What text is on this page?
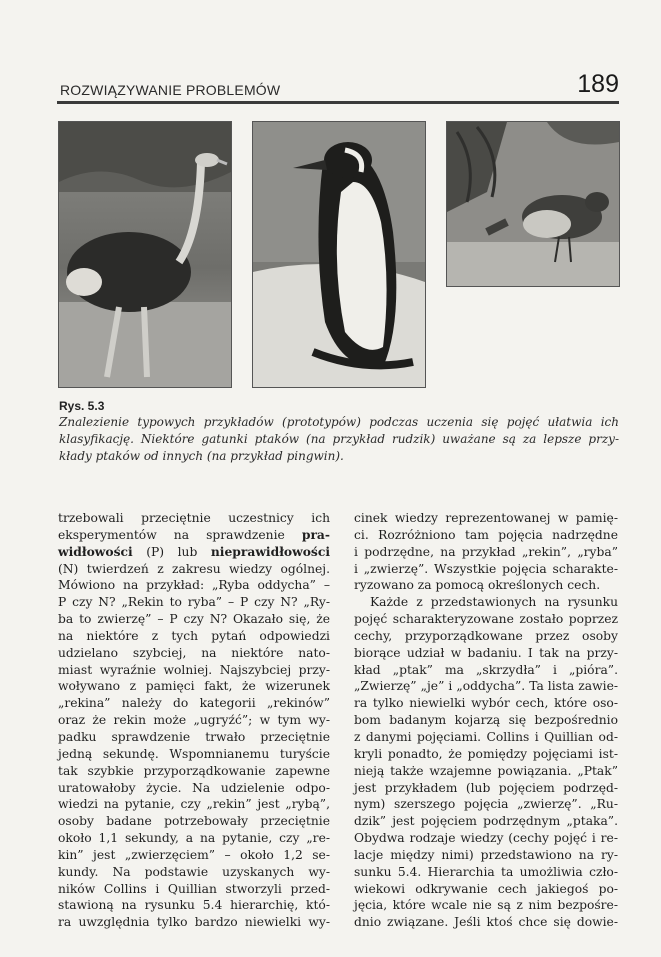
ROZWIĄZYWANIE PROBLEMÓW	189
Rys. 5.3
Znalezienie typowych przykładów (prototypów) podczas uczenia się pojęć ułatwia ich
klasyfikację. Niektóre gatunki ptaków (na przykład rudzik) uważane są za lepsze przy-
kłady ptaków od innych (na przykład pingwin).
trzebowali przeciętnie uczestnicy ich
eksperymentów na sprawdzenie pra-
widłowości (P) lub nieprawidłowości
(N) twierdzeń z zakresu wiedzy ogólnej.
Mówiono na przykład: „Ryba oddycha” –
P czy N? „Rekin to ryba” – P czy N? „Ry-
ba to zwierzę” – P czy N? Okazało się, że
na niektóre z tych pytań odpowiedzi
udzielano szybciej, na niektóre nato-
miast wyraźnie wolniej. Najszybciej przy-
woływano z pamięci fakt, że wizerunek
„rekina” należy do kategorii „rekinów”
oraz że rekin może „ugryźć”; w tym wy-
padku sprawdzenie trwało przeciętnie
jedną sekundę. Wspomnianemu turyście
tak szybkie przyporządkowanie zapewne
uratowałoby życie. Na udzielenie odpo-
wiedzi na pytanie, czy „rekin” jest „rybą”,
osoby badane potrzebowały przeciętnie
około 1,1 sekundy, a na pytanie, czy „re-
kin” jest „zwierzęciem” – około 1,2 se-
kundy. Na podstawie uzyskanych wy-
ników Collins i Quillian stworzyli przed-
stawioną na rysunku 5.4 hierarchię, któ-
ra uwzględnia tylko bardzo niewielki wy-
cinek wiedzy reprezentowanej w pamię-
ci. Rozróżniono tam pojęcia nadrzędne
i podrzędne, na przykład „rekin”, „ryba”
i „zwierzę”. Wszystkie pojęcia scharakte-
ryzowano za pomocą określonych cech.
Każde z przedstawionych na rysunku
pojęć scharakteryzowane zostało poprzez
cechy, przyporządkowane przez osoby
biorące udział w badaniu. I tak na przy-
kład „ptak” ma „skrzydła” i „pióra”.
„Zwierzę” „je” i „oddycha”. Ta lista zawie-
ra tylko niewielki wybór cech, które oso-
bom badanym kojarzą się bezpośrednio
z danymi pojęciami. Collins i Quillian od-
kryli ponadto, że pomiędzy pojęciami ist-
nieją także wzajemne powiązania. „Ptak”
jest przykładem (lub pojęciem podrzęd-
nym) szerszego pojęcia „zwierzę”. „Ru-
dzik” jest pojęciem podrzędnym „ptaka”.
Obydwa rodzaje wiedzy (cechy pojęć i re-
lacje między nimi) przedstawiono na ry-
sunku 5.4. Hierarchia ta umożliwia czło-
wiekowi odkrywanie cech jakiegoś po-
jęcia, które wcale nie są z nim bezpośre-
dnio związane. Jeśli ktoś chce się dowie-
